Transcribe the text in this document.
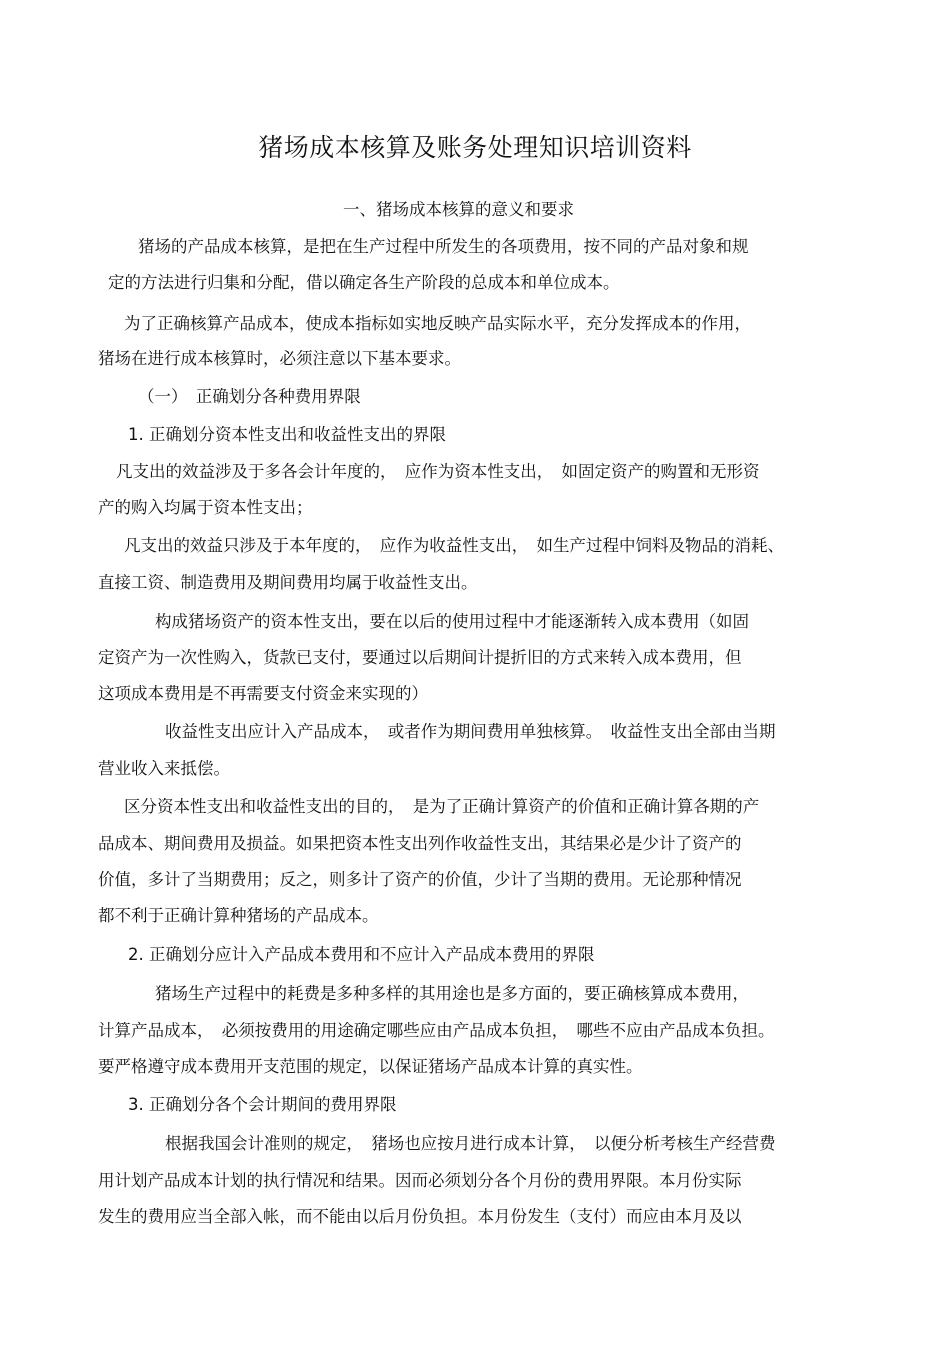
猪场成本核算及账务处理知识培训资料
一、猪场成本核算的意义和要求
猪场的产品成本核算，是把在生产过程中所发生的各项费用，按不同的产品对象和规
定的方法进行归集和分配，借以确定各生产阶段的总成本和单位成本。
为了正确核算产品成本，使成本指标如实地反映产品实际水平，充分发挥成本的作用，
猪场在进行成本核算时，必须注意以下基本要求。
（一）　正确划分各种费用界限
1. 正确划分资本性支出和收益性支出的界限
凡支出的效益涉及于多各会计年度的，　应作为资本性支出，　如固定资产的购置和无形资
产的购入均属于资本性支出；
凡支出的效益只涉及于本年度的，　应作为收益性支出，　如生产过程中饲料及物品的消耗、
直接工资、制造费用及期间费用均属于收益性支出。
构成猪场资产的资本性支出，要在以后的使用过程中才能逐渐转入成本费用（如固
定资产为一次性购入，货款已支付，要通过以后期间计提折旧的方式来转入成本费用，但
这项成本费用是不再需要支付资金来实现的）
收益性支出应计入产品成本，　或者作为期间费用单独核算。　收益性支出全部由当期
营业收入来抵偿。
区分资本性支出和收益性支出的目的，　是为了正确计算资产的价值和正确计算各期的产
品成本、期间费用及损益。如果把资本性支出列作收益性支出，其结果必是少计了资产的
价值，多计了当期费用；反之，则多计了资产的价值，少计了当期的费用。无论那种情况
都不利于正确计算种猪场的产品成本。
2. 正确划分应计入产品成本费用和不应计入产品成本费用的界限
猪场生产过程中的耗费是多种多样的其用途也是多方面的，要正确核算成本费用，
计算产品成本，　必须按费用的用途确定哪些应由产品成本负担，　哪些不应由产品成本负担。
要严格遵守成本费用开支范围的规定，以保证猪场产品成本计算的真实性。
3. 正确划分各个会计期间的费用界限
根据我国会计准则的规定，　猪场也应按月进行成本计算，　以便分析考核生产经营费
用计划产品成本计划的执行情况和结果。因而必须划分各个月份的费用界限。本月份实际
发生的费用应当全部入帐，而不能由以后月份负担。本月份发生（支付）而应由本月及以
